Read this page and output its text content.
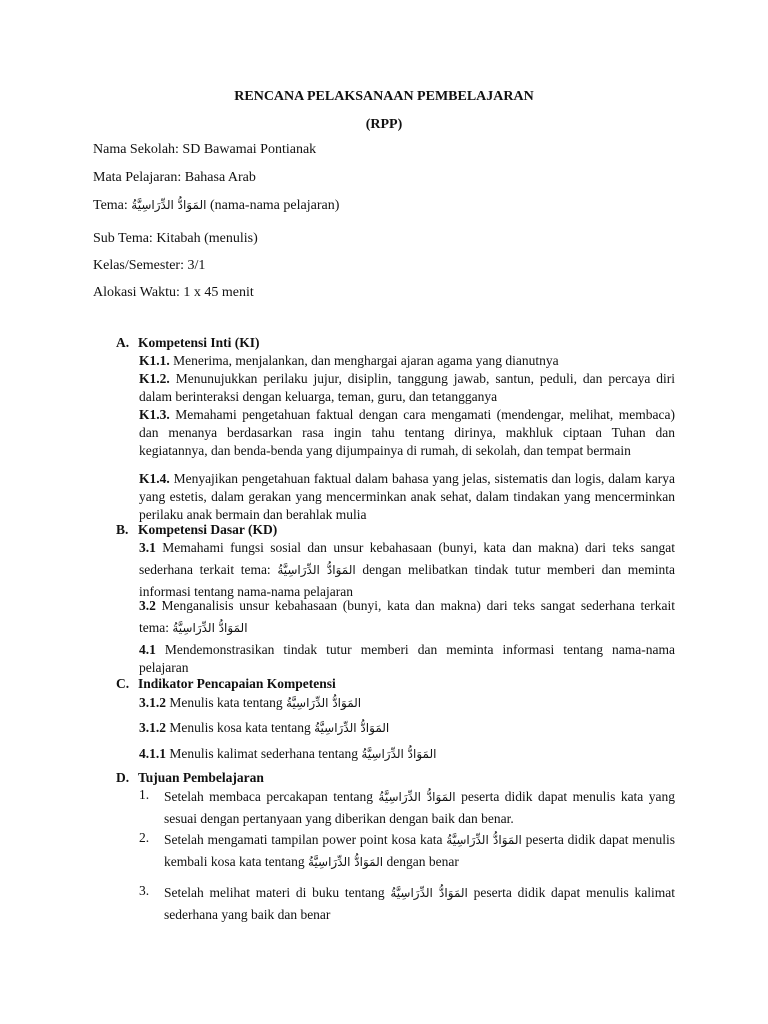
RENCANA PELAKSANAAN PEMBELAJARAN
(RPP)
Nama Sekolah: SD Bawamai Pontianak
Mata Pelajaran: Bahasa Arab
Tema: المَوَادُّ الدِّرَاسِيَّةُ (nama-nama pelajaran)
Sub Tema: Kitabah (menulis)
Kelas/Semester: 3/1
Alokasi Waktu: 1 x 45 menit
A. Kompetensi Inti (KI)
K1.1. Menerima, menjalankan, dan menghargai ajaran agama yang dianutnya
K1.2. Menunujukkan perilaku jujur, disiplin, tanggung jawab, santun, peduli, dan percaya diri dalam berinteraksi dengan keluarga, teman, guru, dan tetangganya
K1.3. Memahami pengetahuan faktual dengan cara mengamati (mendengar, melihat, membaca) dan menanya berdasarkan rasa ingin tahu tentang dirinya, makhluk ciptaan Tuhan dan kegiatannya, dan benda-benda yang dijumpainya di rumah, di sekolah, dan tempat bermain
K1.4. Menyajikan pengetahuan faktual dalam bahasa yang jelas, sistematis dan logis, dalam karya yang estetis, dalam gerakan yang mencerminkan anak sehat, dalam tindakan yang mencerminkan perilaku anak bermain dan berahlak mulia
B. Kompetensi Dasar (KD)
3.1 Memahami fungsi sosial dan unsur kebahasaan (bunyi, kata dan makna) dari teks sangat sederhana terkait tema: المَوَادُّ الدِّرَاسِيَّةُ dengan melibatkan tindak tutur memberi dan meminta informasi tentang nama-nama pelajaran
3.2 Menganalisis unsur kebahasaan (bunyi, kata dan makna) dari teks sangat sederhana terkait tema: المَوَادُّ الدِّرَاسِيَّةُ
4.1 Mendemonstrasikan tindak tutur memberi dan meminta informasi tentang nama-nama pelajaran
C. Indikator Pencapaian Kompetensi
3.1.2 Menulis kata tentang المَوَادُّ الدِّرَاسِيَّةُ
3.1.2 Menulis kosa kata tentang المَوَادُّ الدِّرَاسِيَّةُ
4.1.1 Menulis kalimat sederhana tentang المَوَادُّ الدِّرَاسِيَّةُ
D. Tujuan Pembelajaran
1. Setelah membaca percakapan tentang المَوَادُّ الدِّرَاسِيَّةُ peserta didik dapat menulis kata yang sesuai dengan pertanyaan yang diberikan dengan baik dan benar.
2. Setelah mengamati tampilan power point kosa kata المَوَادُّ الدِّرَاسِيَّةُ peserta didik dapat menulis kembali kosa kata tentang المَوَادُّ الدِّرَاسِيَّةُ dengan benar
3. Setelah melihat materi di buku tentang المَوَادُّ الدِّرَاسِيَّةُ peserta didik dapat menulis kalimat sederhana yang baik dan benar
